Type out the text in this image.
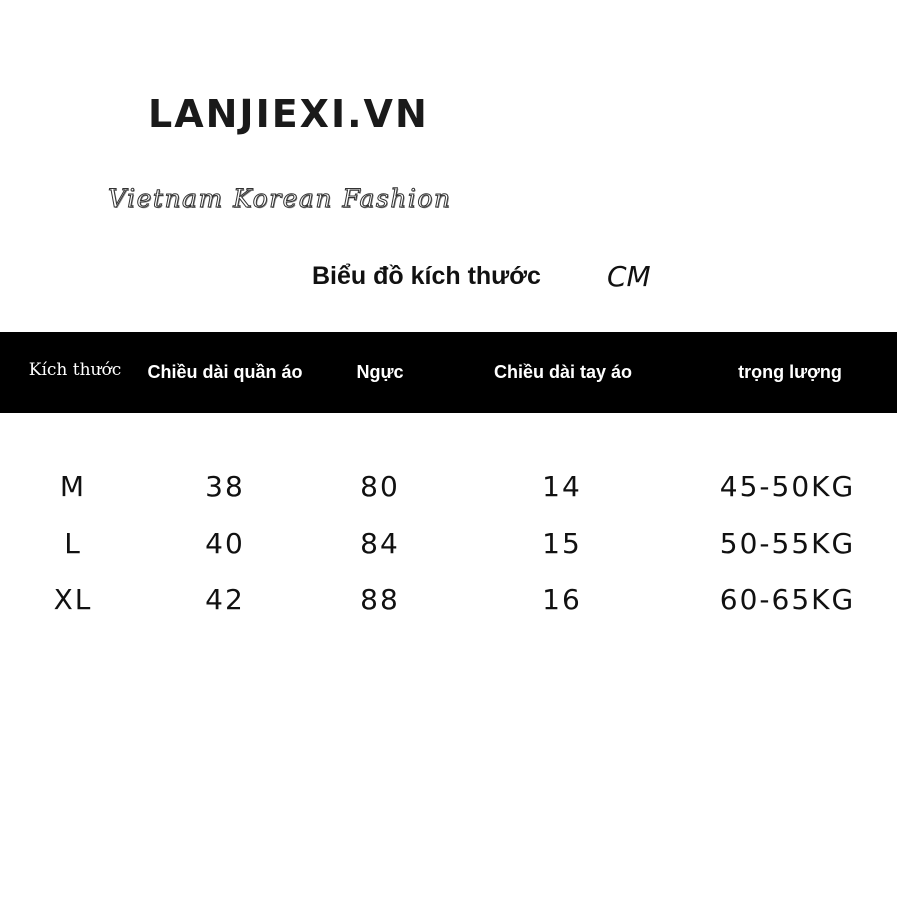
LANJIEXI.VN
Vietnam Korean Fashion
Biểu đồ kích thước CM
Kích thước	Chiều dài quần áo	Ngực	Chiều dài tay áo	trọng lượng
M	38	80	14	45-50KG
L	40	84	15	50-55KG
XL	42	88	16	60-65KG
